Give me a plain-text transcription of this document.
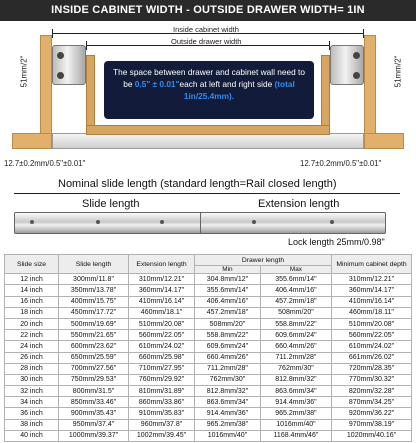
INSIDE CABINET WIDTH - OUTSIDE DRAWER WIDTH= 1IN
Inside cabinet width
Outside drawer width
51mm/2"	51mm/2"
The space between drawer and cabinet wall need to be 0.5" ± 0.01"each at left and right side (total 1in/25.4mm).
12.7±0.2mm/0.5"±0.01"	12.7±0.2mm/0.5"±0.01"
Nominal slide length (standard length=Rail closed length)
Slide length	Extension length
Lock length 25mm/0.98"
Slide size	Slide length	Extension length	Drawer length		Minimum cabinet depth
			Min	Max	
12 inch	300mm/11.8"	310mm/12.21"	304.8mm/12"	355.6mm/14"	310mm/12.21"
14 inch	350mm/13.78"	360mm/14.17"	355.6mm/14"	406.4mm/16"	360mm/14.17"
16 inch	400mm/15.75"	410mm/16.14"	406.4mm/16"	457.2mm/18"	410mm/16.14"
18 inch	450mm/17.72"	460mm/18.1"	457.2mm/18"	508mm/20"	460mm/18.11"
20 inch	500mm/19.69"	510mm/20.08"	508mm/20"	558.8mm/22"	510mm/20.08"
22 inch	550mm/21.65"	560mm/22.05"	558.8mm/22"	609.6mm/24"	560mm/22.05"
24 inch	600mm/23.62"	610mm/24.02"	609.6mm/24"	660.4mm/26"	610mm/24.02"
26 inch	650mm/25.59"	660mm/25.98"	660.4mm/26"	711.2mm/28"	661mm/26.02"
28 inch	700mm/27.56"	710mm/27.95"	711.2mm/28"	762mm/30"	720mm/28.35"
30 inch	750mm/29.53"	760mm/29.92"	762mm/30"	812.8mm/32"	770mm/30.32"
32 inch	800mm/31.5"	810mm/31.89"	812.8mm/32"	863.6mm/34"	820mm/32.28"
34 inch	850mm/33.46"	860mm/33.86"	863.6mm/34"	914.4mm/36"	870mm/34.25"
36 inch	900mm/35.43"	910mm/35.83"	914.4mm/36"	965.2mm/38"	920mm/36.22"
38 inch	950mm/37.4"	960mm/37.8"	965.2mm/38"	1016mm/40"	970mm/38.19"
40 inch	1000mm/39.37"	1002mm/39.45"	1016mm/40"	1168.4mm/46"	1020mm/40.16"
